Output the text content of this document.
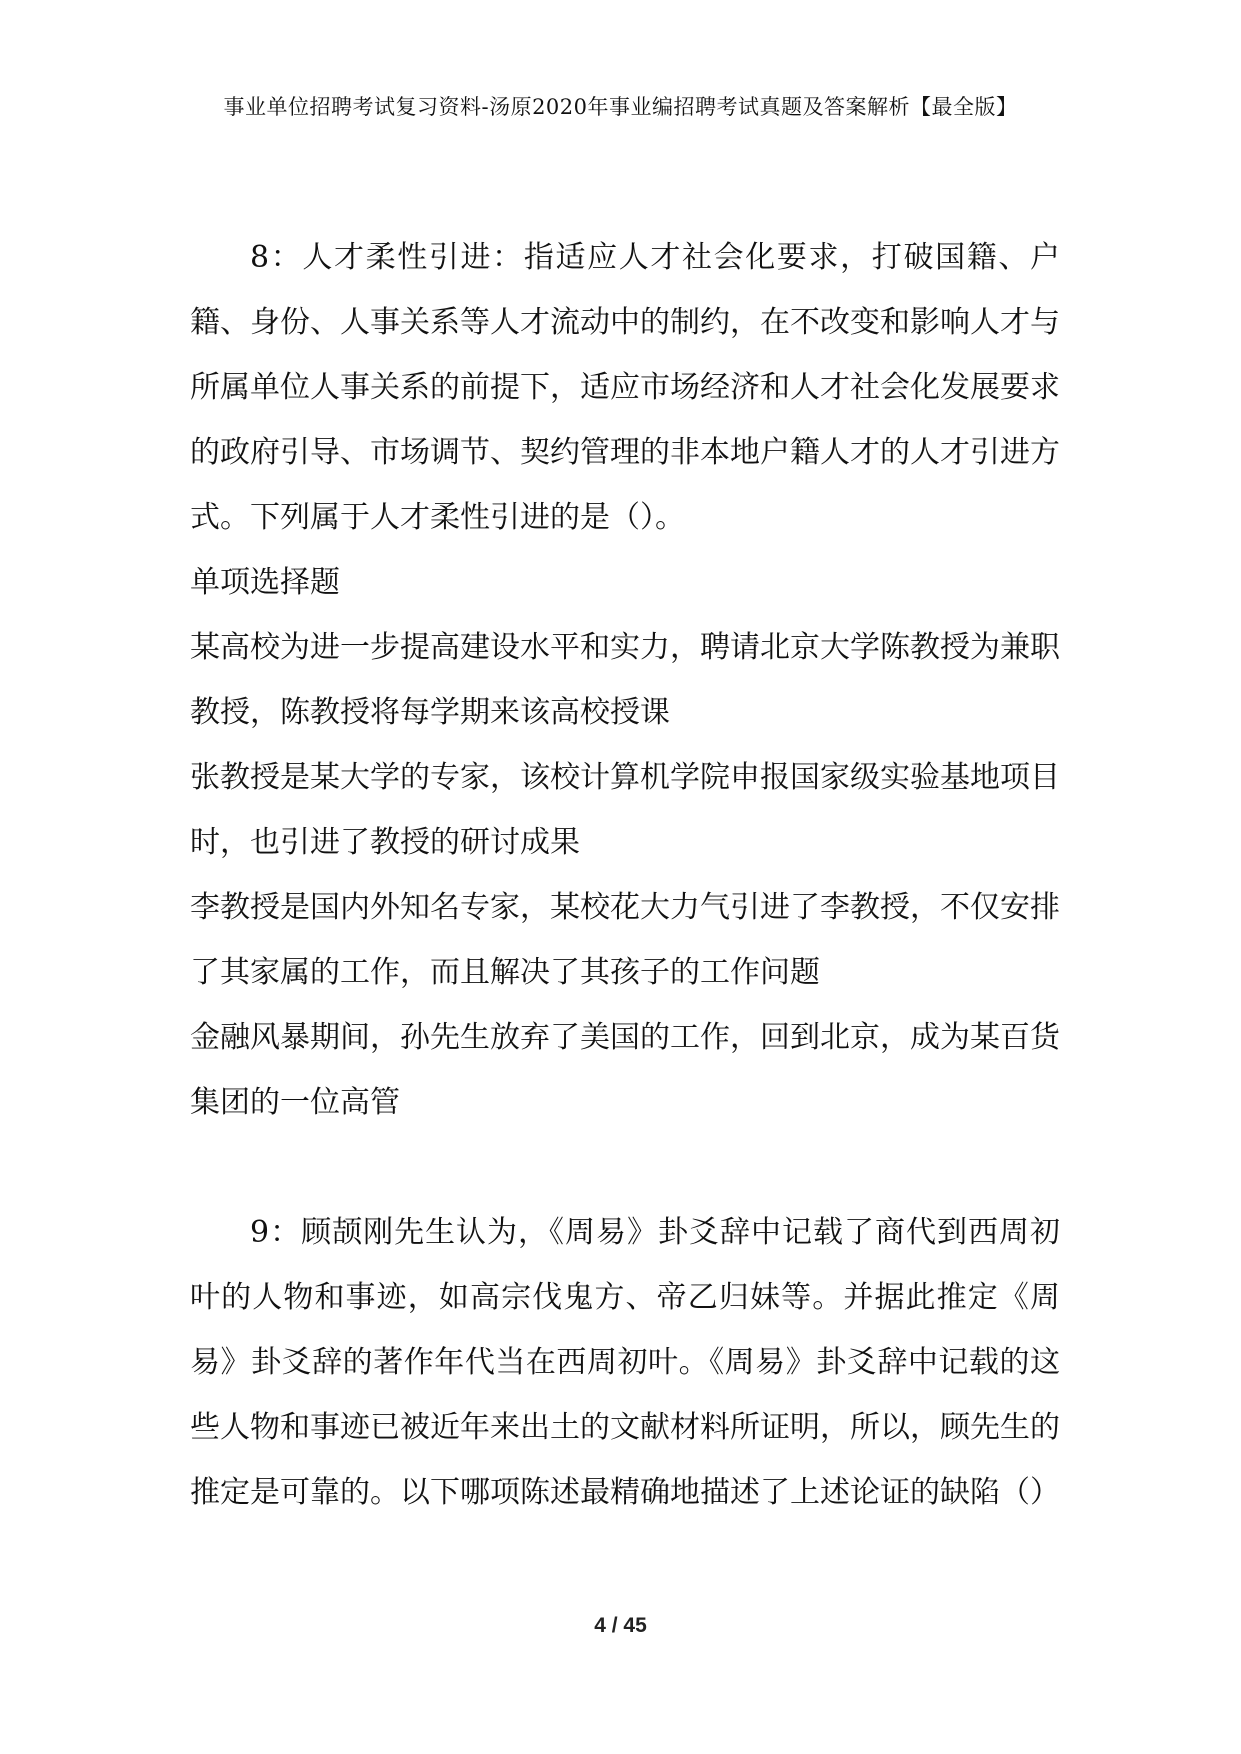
事业单位招聘考试复习资料-汤原2020年事业编招聘考试真题及答案解析【最全版】

8：人才柔性引进：指适应人才社会化要求，打破国籍、户籍、身份、人事关系等人才流动中的制约，在不改变和影响人才与所属单位人事关系的前提下，适应市场经济和人才社会化发展要求的政府引导、市场调节、契约管理的非本地户籍人才的人才引进方式。下列属于人才柔性引进的是（）。

单项选择题

某高校为进一步提高建设水平和实力，聘请北京大学陈教授为兼职教授，陈教授将每学期来该高校授课

张教授是某大学的专家，该校计算机学院申报国家级实验基地项目时，也引进了教授的研讨成果

李教授是国内外知名专家，某校花大力气引进了李教授，不仅安排了其家属的工作，而且解决了其孩子的工作问题

金融风暴期间，孙先生放弃了美国的工作，回到北京，成为某百货集团的一位高管

9：顾颉刚先生认为，《周易》卦爻辞中记载了商代到西周初叶的人物和事迹，如高宗伐鬼方、帝乙归妹等。并据此推定《周易》卦爻辞的著作年代当在西周初叶。《周易》卦爻辞中记载的这些人物和事迹已被近年来出土的文献材料所证明，所以，顾先生的推定是可靠的。以下哪项陈述最精确地描述了上述论证的缺陷（）

4 / 45
